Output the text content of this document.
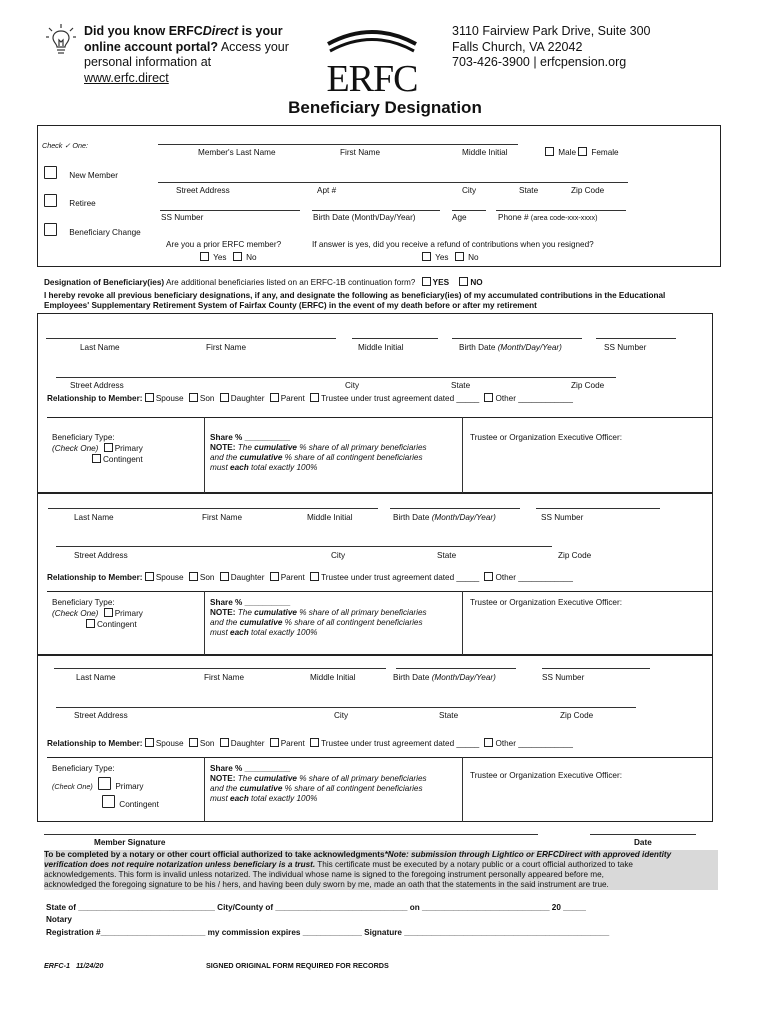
Did you know ERFCDirect is your
online account portal? Access your
personal information at
www.erfc.direct	ERFC
3110 Fairview Park Drive, Suite 300
Falls Church, VA 22042
703-426-3900 | erfcpension.org
Beneficiary Designation
Check ✓ One:
New Member
Retiree
Beneficiary Change
Member's Last Name	First Name	Middle Initial	Male Female
Street Address	Apt #	City	State	Zip Code
SS Number	Birth Date (Month/Day/Year)	Age	Phone # (area code-xxx-xxxx)
Are you a prior ERFC member?	If answer is yes, did you receive a refund of contributions when you resigned?
Yes No	Yes No
Designation of Beneficiary(ies) Are additional beneficiaries listed on an ERFC-1B continuation form? YES	NO
I hereby revoke all previous beneficiary designations, if any, and designate the following as beneficiary(ies) of my accumulated contributions in the Educational
Employees' Supplementary Retirement System of Fairfax County (ERFC) in the event of my death before or after my retirement
Last Name	First Name	Middle Initial	Birth Date (Month/Day/Year)	SS Number
Street Address	City	State	Zip Code
Relationship to Member: Spouse Son Daughter Parent Trustee under trust agreement dated _____ Other ____________
Beneficiary Type:
(Check One) Primary
Contingent
Share % __________
NOTE: The cumulative % share of all primary beneficiaries
and the cumulative % share of all contingent beneficiaries
must each total exactly 100%
Trustee or Organization Executive Officer:
Last Name	First Name	Middle Initial	Birth Date (Month/Day/Year)	SS Number
Street Address	City	State	Zip Code
Relationship to Member: Spouse Son Daughter Parent Trustee under trust agreement dated _____ Other ____________
Beneficiary Type:
(Check One) Primary
Contingent
Share % __________
NOTE: The cumulative % share of all primary beneficiaries
and the cumulative % share of all contingent beneficiaries
must each total exactly 100%
Trustee or Organization Executive Officer:
Last Name	First Name	Middle Initial	Birth Date (Month/Day/Year)	SS Number
Street Address	City	State	Zip Code
Relationship to Member: Spouse Son Daughter Parent Trustee under trust agreement dated _____ Other ____________
Beneficiary Type:
(Check One)	Primary
Contingent
Share % __________
NOTE: The cumulative % share of all primary beneficiaries
and the cumulative % share of all contingent beneficiaries
must each total exactly 100%
Trustee or Organization Executive Officer:
Member Signature	Date
To be completed by a notary or other court official authorized to take acknowledgments*Note: submission through Lightico or ERFCDirect with approved identity
verification does not require notarization unless beneficiary is a trust. This certificate must be executed by a notary public or a court official authorized to take
acknowledgements. This form is invalid unless notarized. The individual whose name is signed to the foregoing instrument personally appeared before me,
acknowledged the foregoing signature to be his / hers, and having been duly sworn by me, made an oath that the statements in the said instrument are true.
State of ______________________________ City/County of _____________________________ on ____________________________ 20 _____
Notary
Registration #_______________________ my commission expires _____________ Signature _____________________________________________
ERFC-1   11/24/20	SIGNED ORIGINAL FORM REQUIRED FOR RECORDS
